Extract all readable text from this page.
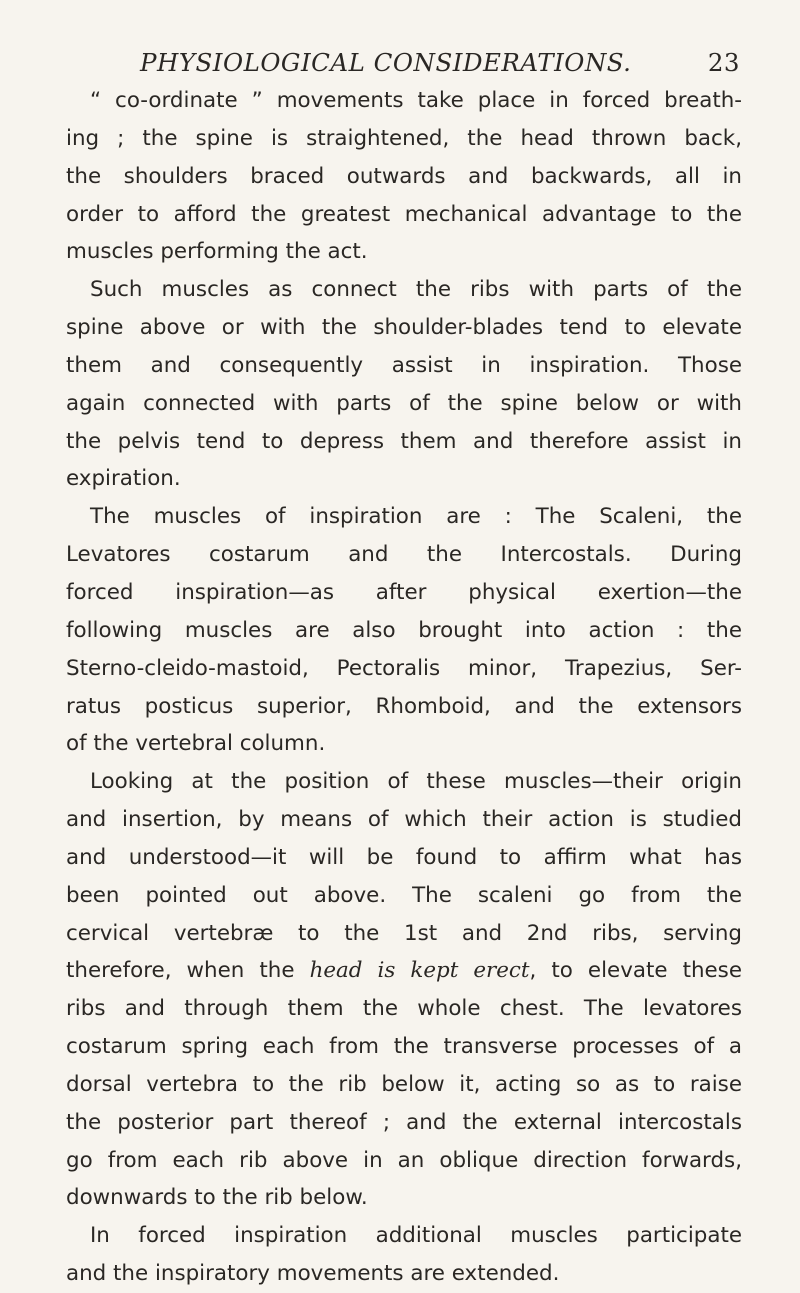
PHYSIOLOGICAL CONSIDERATIONS.	23
“ co-ordinate ” movements take place in forced breath-
ing ; the spine is straightened, the head thrown back,
the shoulders braced outwards and backwards, all in
order to afford the greatest mechanical advantage to the
muscles performing the act.
Such muscles as connect the ribs with parts of the
spine above or with the shoulder-blades tend to elevate
them and consequently assist in inspiration. Those
again connected with parts of the spine below or with
the pelvis tend to depress them and therefore assist in
expiration.
The muscles of inspiration are : The Scaleni, the
Levatores costarum and the Intercostals. During
forced inspiration—as after physical exertion—the
following muscles are also brought into action : the
Sterno-cleido-mastoid, Pectoralis minor, Trapezius, Ser-
ratus posticus superior, Rhomboid, and the extensors
of the vertebral column.
Looking at the position of these muscles—their origin
and insertion, by means of which their action is studied
and understood—it will be found to affirm what has
been pointed out above. The scaleni go from the
cervical vertebræ to the 1st and 2nd ribs, serving
therefore, when the head is kept erect, to elevate these
ribs and through them the whole chest. The levatores
costarum spring each from the transverse processes of a
dorsal vertebra to the rib below it, acting so as to raise
the posterior part thereof ; and the external intercostals
go from each rib above in an oblique direction forwards,
downwards to the rib below.
In forced inspiration additional muscles participate
and the inspiratory movements are extended.
